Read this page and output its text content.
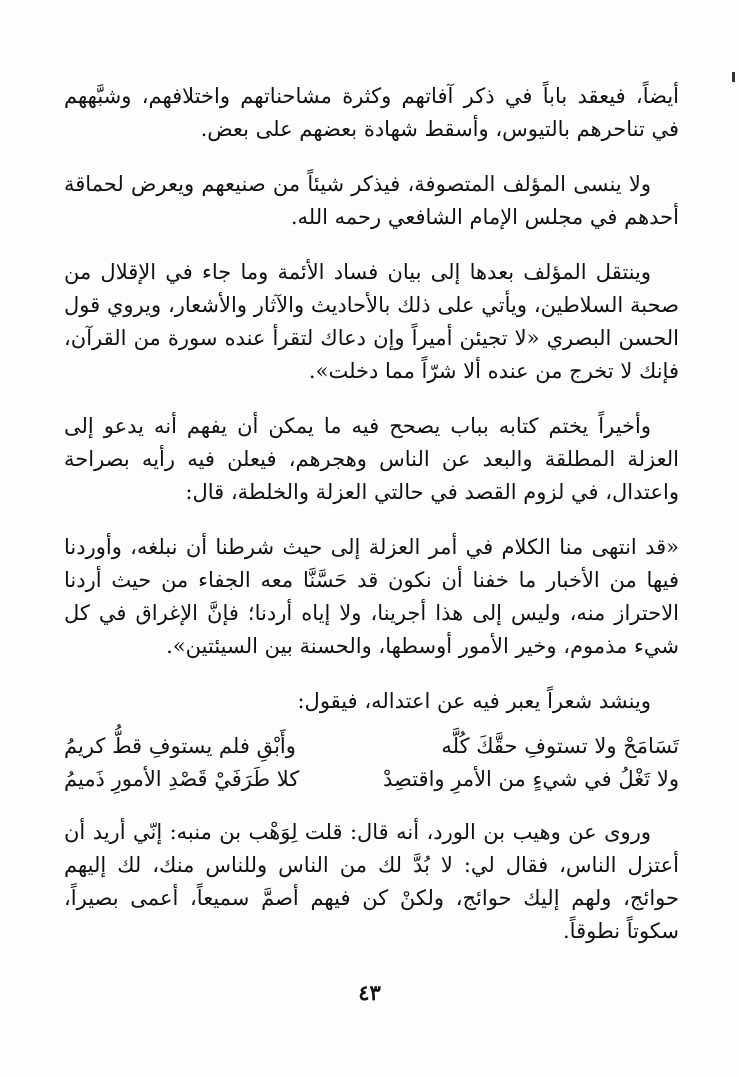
أيضاً، فيعقد باباً في ذكر آفاتهم وكثرة مشاحناتهم واختلافهم، وشبَّههم في تناحرهم بالتيوس، وأسقط شهادة بعضهم على بعض.

ولا ينسى المؤلف المتصوفة، فيذكر شيئاً من صنيعهم ويعرض لحماقة أحدهم في مجلس الإمام الشافعي رحمه الله.

وينتقل المؤلف بعدها إلى بيان فساد الأئمة وما جاء في الإقلال من صحبة السلاطين، ويأتي على ذلك بالأحاديث والآثار والأشعار، ويروي قول الحسن البصري «لا تجيئن أميراً وإن دعاك لتقرأ عنده سورة من القرآن، فإنك لا تخرج من عنده ألا شرّاً مما دخلت».

وأخيراً يختم كتابه بباب يصحح فيه ما يمكن أن يفهم أنه يدعو إلى العزلة المطلقة والبعد عن الناس وهجرهم، فيعلن فيه رأيه بصراحة واعتدال، في لزوم القصد في حالتي العزلة والخلطة، قال:

«قد انتهى منا الكلام في أمر العزلة إلى حيث شرطنا أن نبلغه، وأوردنا فيها من الأخبار ما خفنا أن نكون قد حَسَّنَّا معه الجفاء من حيث أردنا الاحتراز منه، وليس إلى هذا أجرينا، ولا إياه أردنا؛ فإنَّ الإغراق في كل شيء مذموم، وخير الأمور أوسطها، والحسنة بين السيئتين».

وينشد شعراً يعبر فيه عن اعتداله، فيقول:

تَسَامَحْ ولا تستوفِ حقَّكَ كُلَّه
وأَبْقِ فلم يستوفِ قطُّ كريمُ
ولا تَغْلُ في شيءٍ من الأمرِ واقتصِدْ
كلا طَرَفَيْ قَصْدِ الأمورِ ذَميمُ

وروى عن وهيب بن الورد، أنه قال: قلت لِوَهْب بن منبه: إنّي أريد أن أعتزل الناس، فقال لي: لا بُدَّ لك من الناس وللناس منك، لك إليهم حوائج، ولهم إليك حوائج، ولكنْ كن فيهم أصمَّ سميعاً، أعمى بصيراً، سكوتاً نطوقاً.

٤٣
